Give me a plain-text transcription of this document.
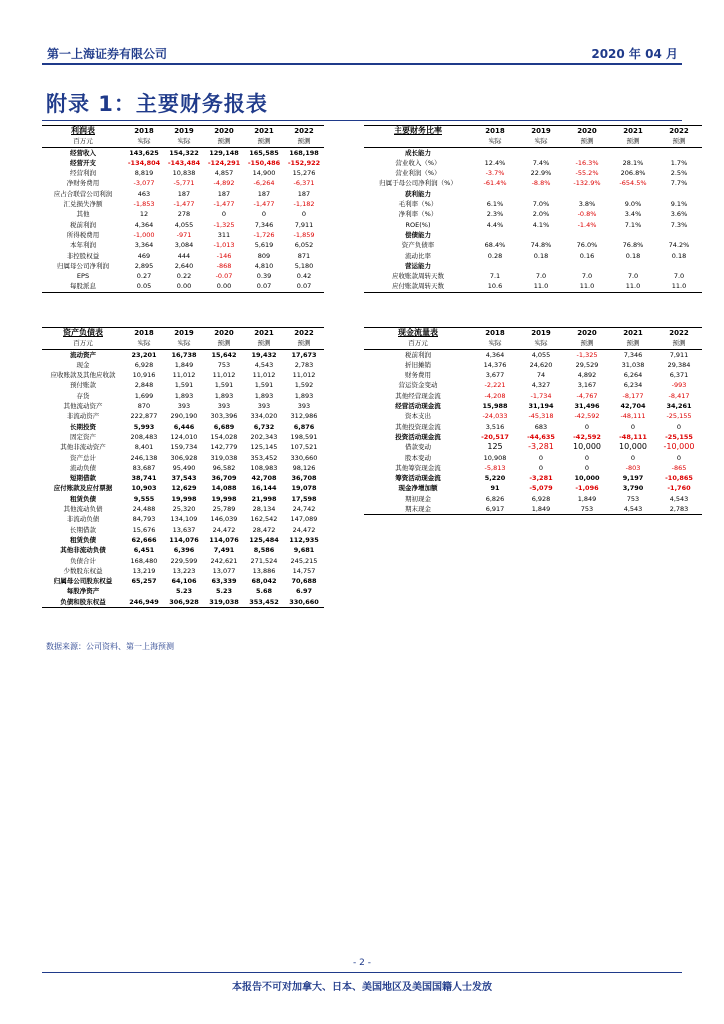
第一上海证券有限公司	2020 年 04 月
附录 1：主要财务报表
利润表	2018	2019	2020	2021	2022
百万元	实际	实际	预测	预测	预测
经营收入	143,625	154,322	129,148	165,585	168,198
经营开支	-134,804	-143,484	-124,291	-150,486	-152,922
经营利润	8,819	10,838	4,857	14,900	15,276
净财务费用	-3,077	-5,771	-4,892	-6,264	-6,371
应占合联营公司利润	463	187	187	187	187
汇兑损失净额	-1,853	-1,477	-1,477	-1,477	-1,182
其他	12	278	0	0	0
税前利润	4,364	4,055	-1,325	7,346	7,911
所得税费用	-1,000	-971	311	-1,726	-1,859
本年利润	3,364	3,084	-1,013	5,619	6,052
非控股权益	469	444	-146	809	871
归属母公司净利润	2,895	2,640	-868	4,810	5,180
EPS	0.27	0.22	-0.07	0.39	0.42
每股派息	0.05	0.00	0.00	0.07	0.07
主要财务比率	2018	2019	2020	2021	2022
	实际	实际	预测	预测	预测
成长能力					
营业收入（%）	12.4%	7.4%	-16.3%	28.1%	1.7%
营业利润（%）	-3.7%	22.9%	-55.2%	206.8%	2.5%
归属于母公司净利润（%）	-61.4%	-8.8%	-132.9%	-654.5%	7.7%
获利能力					
毛利率（%）	6.1%	7.0%	3.8%	9.0%	9.1%
净利率（%）	2.3%	2.0%	-0.8%	3.4%	3.6%
ROE(%)	4.4%	4.1%	-1.4%	7.1%	7.3%
偿债能力					
资产负债率	68.4%	74.8%	76.0%	76.8%	74.2%
流动比率	0.28	0.18	0.16	0.18	0.18
营运能力					
应收账款周转天数	7.1	7.0	7.0	7.0	7.0
应付账款周转天数	10.6	11.0	11.0	11.0	11.0
资产负债表	2018	2019	2020	2021	2022
百万元	实际	实际	预测	预测	预测
流动资产	23,201	16,738	15,642	19,432	17,673
现金	6,928	1,849	753	4,543	2,783
应收账款及其他应收款	10,916	11,012	11,012	11,012	11,012
预付账款	2,848	1,591	1,591	1,591	1,592
存货	1,699	1,893	1,893	1,893	1,893
其他流动资产	870	393	393	393	393
非流动资产	222,877	290,190	303,396	334,020	312,986
长期投资	5,993	6,446	6,689	6,732	6,876
固定资产	208,483	124,010	154,028	202,343	198,591
其他非流动资产	8,401	159,734	142,779	125,145	107,521
资产总计	246,138	306,928	319,038	353,452	330,660
流动负债	83,687	95,490	96,582	108,983	98,126
短期借款	38,741	37,543	36,709	42,708	36,708
应付账款及应付票据	10,903	12,629	14,088	16,144	19,078
租赁负债	9,555	19,998	19,998	21,998	17,598
其他流动负债	24,488	25,320	25,789	28,134	24,742
非流动负债	84,793	134,109	146,039	162,542	147,089
长期借款	15,676	13,637	24,472	28,472	24,472
租赁负债	62,666	114,076	114,076	125,484	112,935
其他非流动负债	6,451	6,396	7,491	8,586	9,681
负债合计	168,480	229,599	242,621	271,524	245,215
少数股东权益	13,219	13,223	13,077	13,886	14,757
归属母公司股东权益	65,257	64,106	63,339	68,042	70,688
每股净资产		5.23	5.23	5.68	6.97
负债和股东权益	246,949	306,928	319,038	353,452	330,660
现金流量表	2018	2019	2020	2021	2022
百万元	实际	实际	预测	预测	预测
税前利润	4,364	4,055	-1,325	7,346	7,911
折旧摊销	14,376	24,620	29,529	31,038	29,384
财务费用	3,677	74	4,892	6,264	6,371
营运资金变动	-2,221	4,327	3,167	6,234	-993
其他经营现金流	-4,208	-1,734	-4,767	-8,177	-8,417
经营活动现金流	15,988	31,194	31,496	42,704	34,261

资本支出	-24,033	-45,318	-42,592	-48,111	-25,155
其他投资现金流	3,516	683	0	0	0
投资活动现金流	-20,517	-44,635	-42,592	-48,111	-25,155

借款变动	125	-3,281	10,000	10,000	-10,000
股本变动	10,908	0	0	0	0
其他筹资现金流	-5,813	0	0	-803	-865
筹资活动现金流	5,220	-3,281	10,000	9,197	-10,865

现金净增加额	91	-5,079	-1,096	3,790	-1,760
期初现金	6,826	6,928	1,849	753	4,543
期末现金	6,917	1,849	753	4,543	2,783
数据来源：公司资料、第一上海预测
- 2 -
本报告不可对加拿大、日本、美国地区及美国国籍人士发放
